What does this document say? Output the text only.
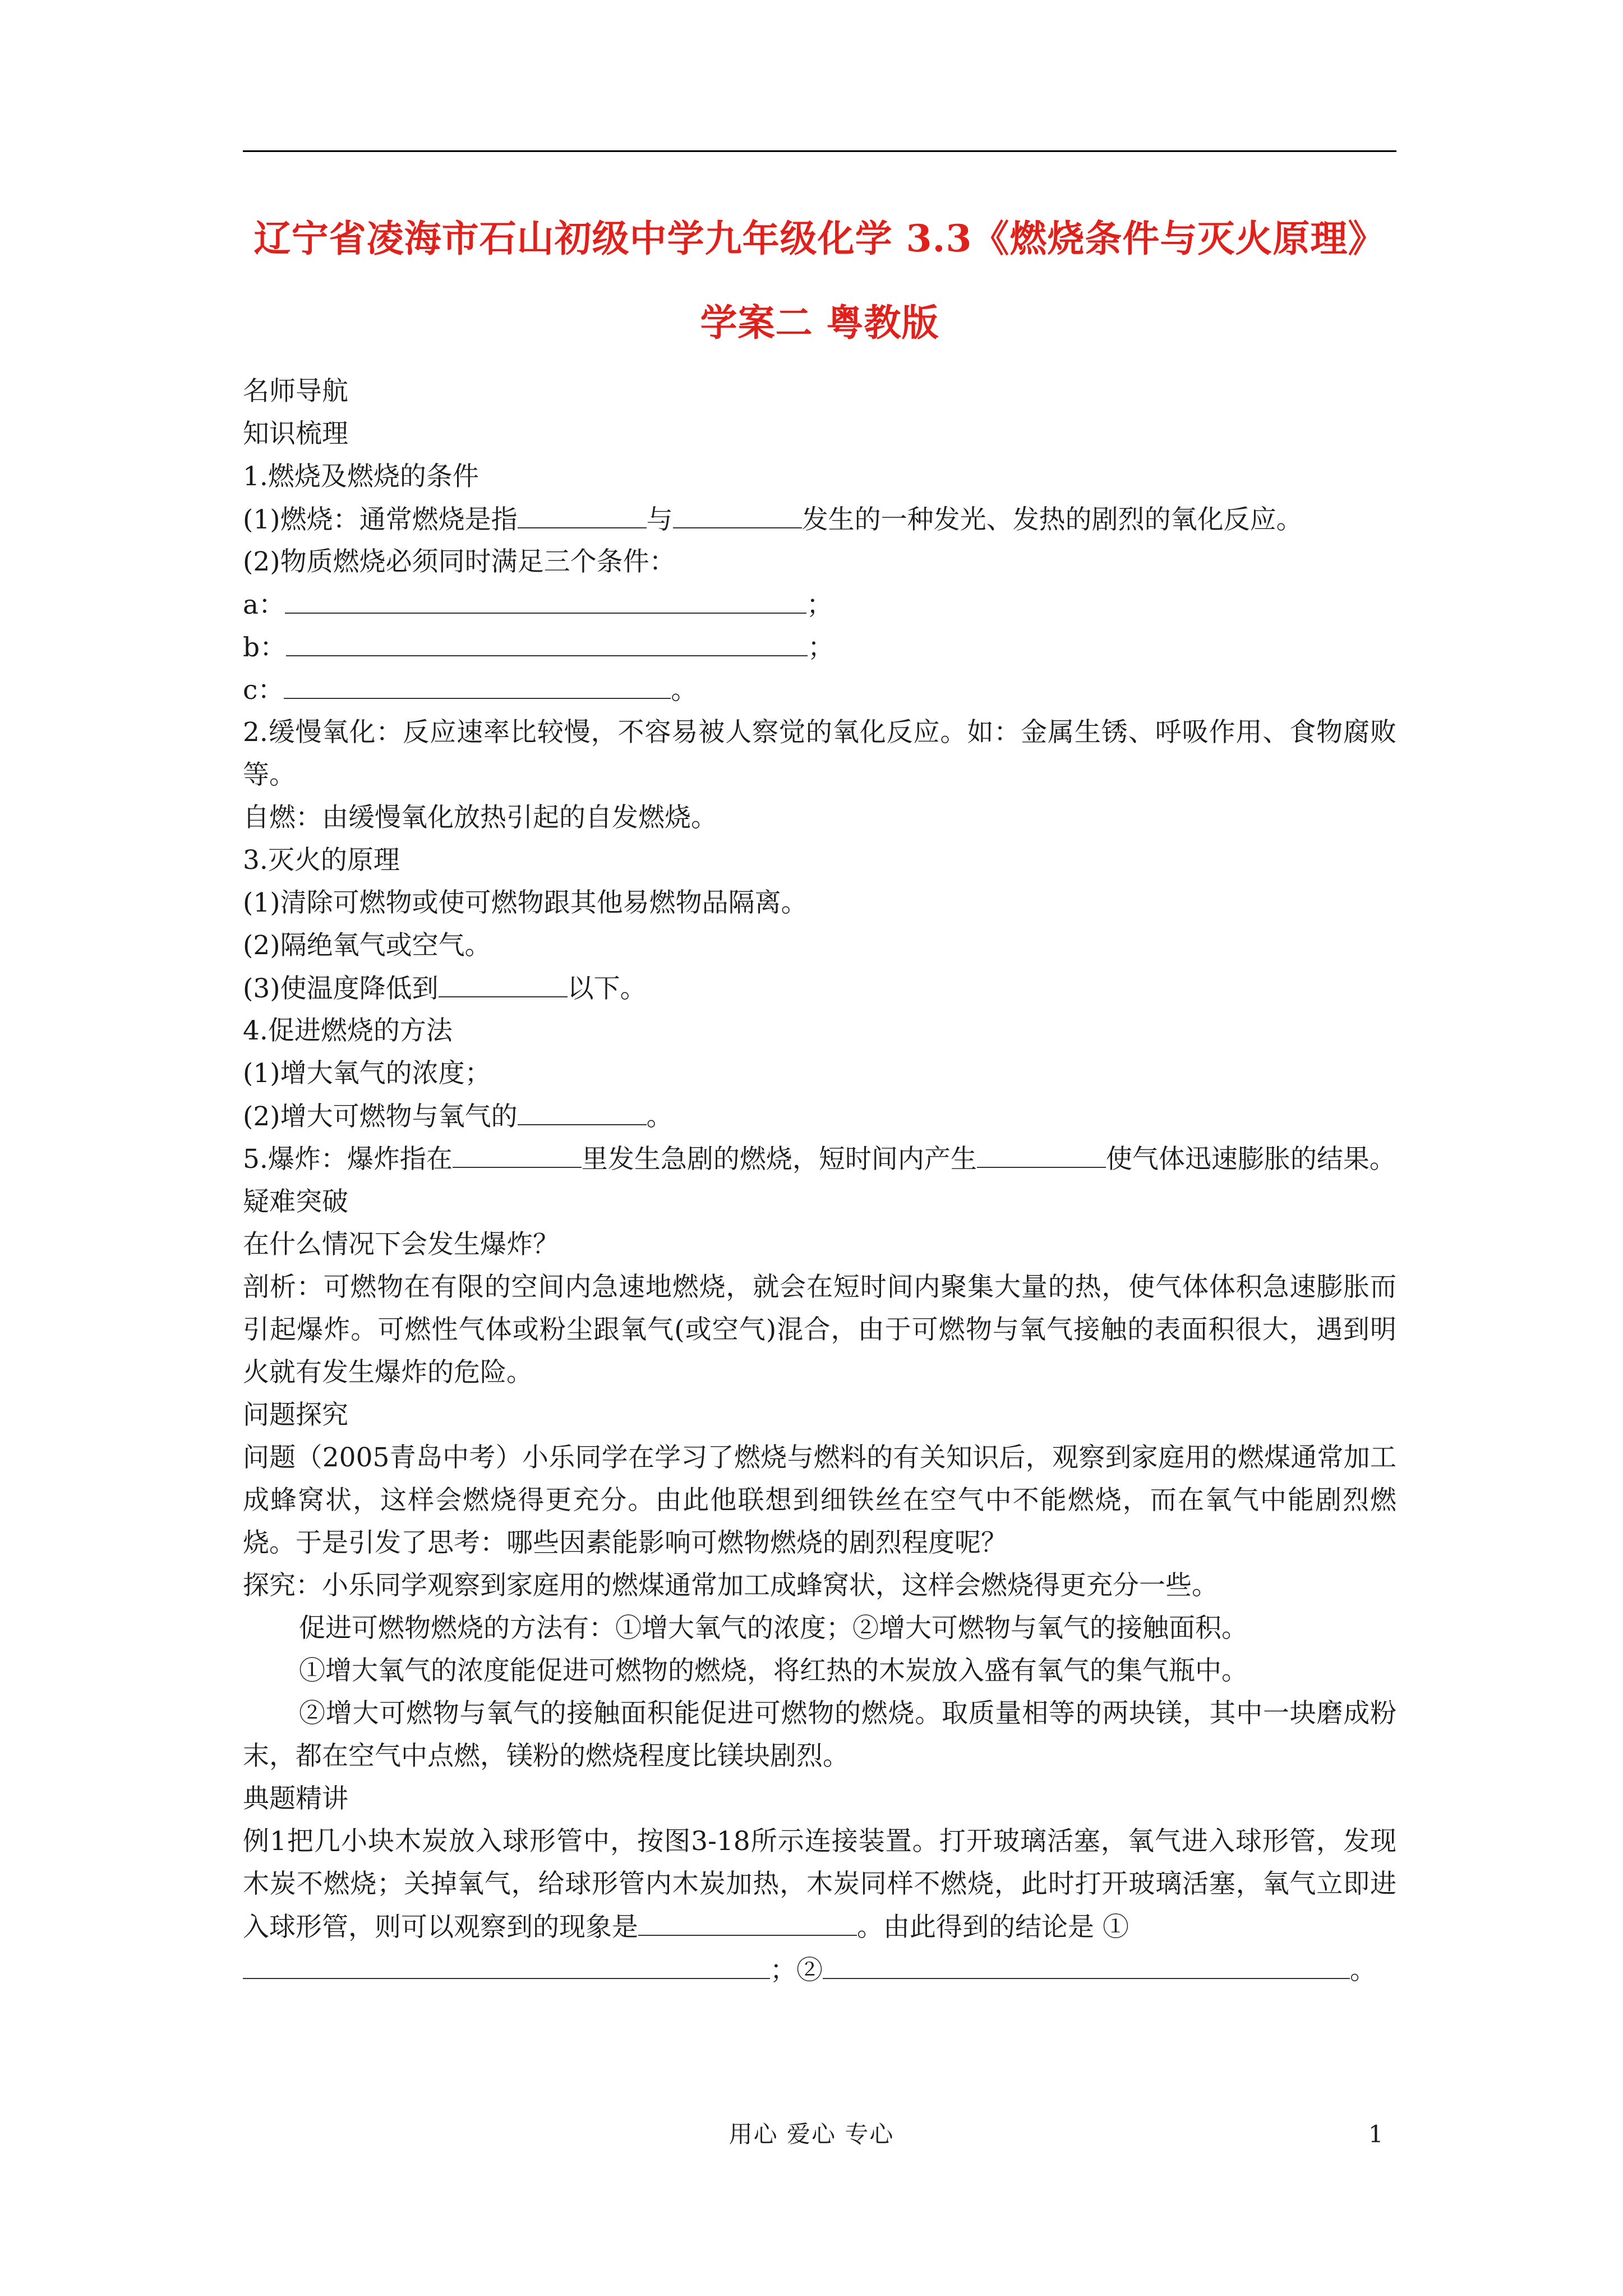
辽宁省凌海市石山初级中学九年级化学 3.3《燃烧条件与灭火原理》
学案二 粤教版
名师导航
知识梳理
1.燃烧及燃烧的条件
(1)燃烧：通常燃烧是指	与	发生的一种发光、发热的剧烈的氧化反应。
(2)物质燃烧必须同时满足三个条件：
a：	；
b：	；
c：	。
2.缓慢氧化：反应速率比较慢，不容易被人察觉的氧化反应。如：金属生锈、呼吸作用、食物腐败等。
自燃：由缓慢氧化放热引起的自发燃烧。
3.灭火的原理
(1)清除可燃物或使可燃物跟其他易燃物品隔离。
(2)隔绝氧气或空气。
(3)使温度降低到	以下。
4.促进燃烧的方法
(1)增大氧气的浓度；
(2)增大可燃物与氧气的	。
5.爆炸：爆炸指在	里发生急剧的燃烧，短时间内产生	使气体迅速膨胀的结果。
疑难突破
在什么情况下会发生爆炸？
剖析：可燃物在有限的空间内急速地燃烧，就会在短时间内聚集大量的热，使气体体积急速膨胀而引起爆炸。可燃性气体或粉尘跟氧气(或空气)混合，由于可燃物与氧气接触的表面积很大，遇到明火就有发生爆炸的危险。
问题探究
问题（2005青岛中考）小乐同学在学习了燃烧与燃料的有关知识后，观察到家庭用的燃煤通常加工成蜂窝状，这样会燃烧得更充分。由此他联想到细铁丝在空气中不能燃烧，而在氧气中能剧烈燃烧。于是引发了思考：哪些因素能影响可燃物燃烧的剧烈程度呢？
探究：小乐同学观察到家庭用的燃煤通常加工成蜂窝状，这样会燃烧得更充分一些。
促进可燃物燃烧的方法有：①增大氧气的浓度；②增大可燃物与氧气的接触面积。
①增大氧气的浓度能促进可燃物的燃烧，将红热的木炭放入盛有氧气的集气瓶中。
②增大可燃物与氧气的接触面积能促进可燃物的燃烧。取质量相等的两块镁，其中一块磨成粉末，都在空气中点燃，镁粉的燃烧程度比镁块剧烈。
典题精讲
例1把几小块木炭放入球形管中，按图3-18所示连接装置。打开玻璃活塞，氧气进入球形管，发现木炭不燃烧；关掉氧气，给球形管内木炭加热，木炭同样不燃烧，此时打开玻璃活塞，氧气立即进入球形管，则可以观察到的现象是	。由此得到的结论是 ①
；②	。
用心 爱心 专心	1
